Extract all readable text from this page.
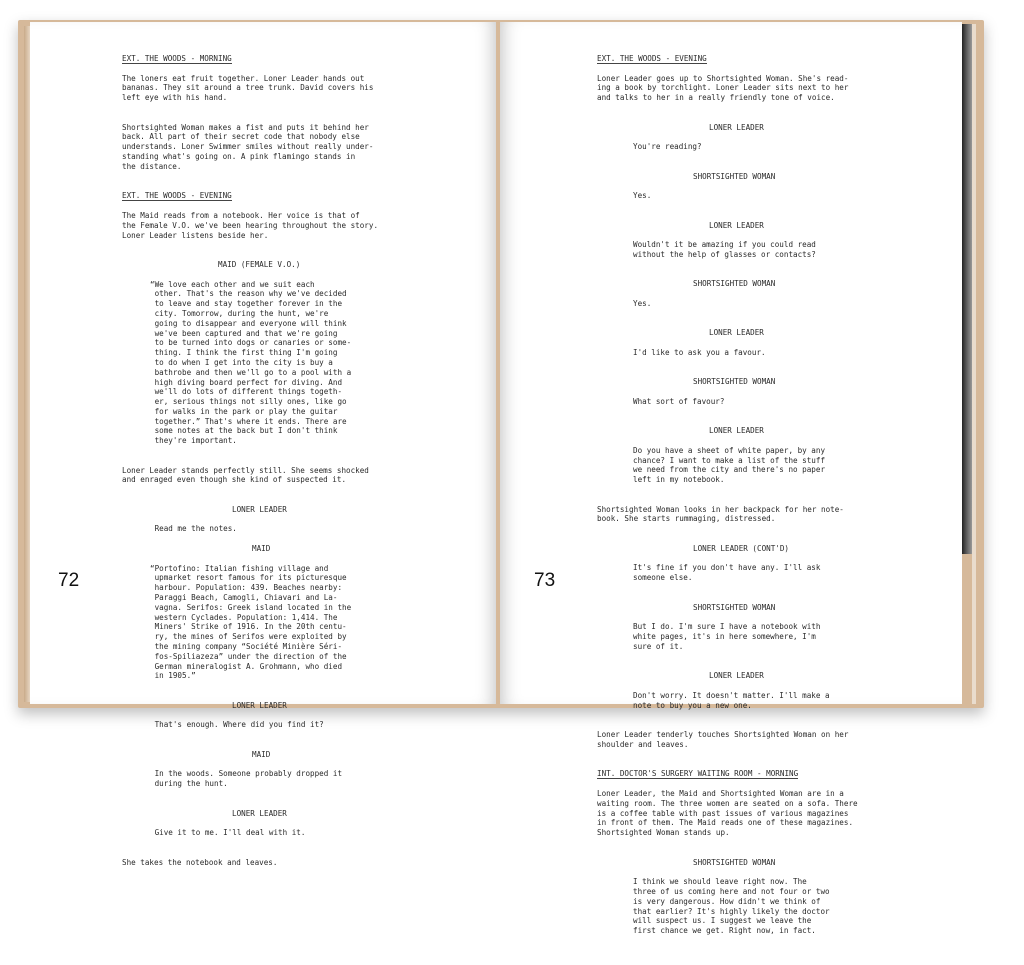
EXT. THE WOODS - MORNING

The loners eat fruit together. Loner Leader hands out
bananas. They sit around a tree trunk. David covers his
left eye with his hand.

Shortsighted Woman makes a fist and puts it behind her
back. All part of their secret code that nobody else
understands. Loner Swimmer smiles without really under-
standing what's going on. A pink flamingo stands in
the distance.

EXT. THE WOODS - EVENING

The Maid reads from a notebook. Her voice is that of
the Female V.O. we've been hearing throughout the story.
Loner Leader listens beside her.

MAID (FEMALE V.O.)

“We love each other and we suit each
other. That's the reason why we've decided
to leave and stay together forever in the
city. Tomorrow, during the hunt, we're
going to disappear and everyone will think
we've been captured and that we're going
to be turned into dogs or canaries or some-
thing. I think the first thing I'm going
to do when I get into the city is buy a
bathrobe and then we'll go to a pool with a
high diving board perfect for diving. And
we'll do lots of different things togeth-
er, serious things not silly ones, like go
for walks in the park or play the guitar
together.” That's where it ends. There are
some notes at the back but I don't think
they're important.

Loner Leader stands perfectly still. She seems shocked
and enraged even though she kind of suspected it.

LONER LEADER

Read me the notes.

MAID

“Portofino: Italian fishing village and
upmarket resort famous for its picturesque
harbour. Population: 439. Beaches nearby:
Paraggi Beach, Camogli, Chiavari and La-
vagna. Serifos: Greek island located in the
western Cyclades. Population: 1,414. The
Miners' Strike of 1916. In the 20th centu-
ry, the mines of Serifos were exploited by
the mining company “Société Minière Séri-
fos-Spiliazeza” under the direction of the
German mineralogist A. Grohmann, who died
in 1905.”

LONER LEADER

That's enough. Where did you find it?

MAID

In the woods. Someone probably dropped it
during the hunt.

LONER LEADER

Give it to me. I'll deal with it.

She takes the notebook and leaves.

72

EXT. THE WOODS - EVENING

Loner Leader goes up to Shortsighted Woman. She's read-
ing a book by torchlight. Loner Leader sits next to her
and talks to her in a really friendly tone of voice.

LONER LEADER

You're reading?

SHORTSIGHTED WOMAN

Yes.

LONER LEADER

Wouldn't it be amazing if you could read
without the help of glasses or contacts?

SHORTSIGHTED WOMAN

Yes.

LONER LEADER

I'd like to ask you a favour.

SHORTSIGHTED WOMAN

What sort of favour?

LONER LEADER

Do you have a sheet of white paper, by any
chance? I want to make a list of the stuff
we need from the city and there's no paper
left in my notebook.

Shortsighted Woman looks in her backpack for her note-
book. She starts rummaging, distressed.

LONER LEADER (CONT'D)

It's fine if you don't have any. I'll ask
someone else.

SHORTSIGHTED WOMAN

But I do. I'm sure I have a notebook with
white pages, it's in here somewhere, I'm
sure of it.

LONER LEADER

Don't worry. It doesn't matter. I'll make a
note to buy you a new one.

Loner Leader tenderly touches Shortsighted Woman on her
shoulder and leaves.

INT. DOCTOR'S SURGERY WAITING ROOM - MORNING

Loner Leader, the Maid and Shortsighted Woman are in a
waiting room. The three women are seated on a sofa. There
is a coffee table with past issues of various magazines
in front of them. The Maid reads one of these magazines.
Shortsighted Woman stands up.

SHORTSIGHTED WOMAN

I think we should leave right now. The
three of us coming here and not four or two
is very dangerous. How didn't we think of
that earlier? It's highly likely the doctor
will suspect us. I suggest we leave the
first chance we get. Right now, in fact.

73
